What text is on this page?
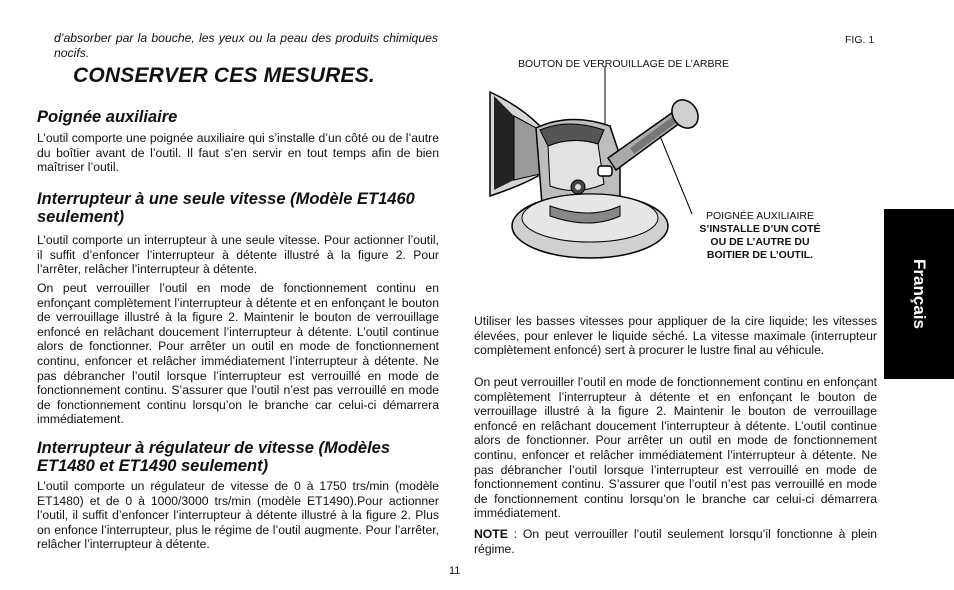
d’absorber par la bouche, les yeux ou la peau des produits chimiques nocifs.

CONSERVER CES MESURES.
Poignée auxiliaire

L’outil comporte une poignée auxiliaire qui s’installe d’un côté ou de l’autre du boîtier avant de l’outil. Il faut s’en servir en tout temps afin de bien maîtriser l’outil.

Interrupteur à une seule vitesse (Modèle ET1460 seulement)

L’outil comporte un interrupteur à une seule vitesse. Pour actionner l’outil, il suffit d’enfoncer l’interrupteur à détente illustré à la figure 2. Pour l’arrêter, relâcher l’interrupteur à détente.

On peut verrouiller l’outil en mode de fonctionnement continu en enfonçant complètement l’interrupteur à détente et en enfonçant le bouton de verrouillage illustré à la figure 2. Maintenir le bouton de verrouillage enfoncé en relâchant doucement l’interrupteur à détente. L’outil continue alors de fonctionner. Pour arrêter un outil en mode de fonctionnement continu, enfoncer et relâcher immédiatement l’interrupteur à détente. Ne pas débrancher l’outil lorsque l’interrupteur est verrouillé en mode de fonctionnement continu. S’assurer que l’outil n’est pas verrouillé en mode de fonctionnement continu lorsqu’on le branche car celui-ci démarrera immédiatement.

Interrupteur à régulateur de vitesse (Modèles ET1480 et ET1490 seulement)

L’outil comporte un régulateur de vitesse de 0 à 1750 trs/min (modèle ET1480) et de 0 à 1000/3000 trs/min (modèle ET1490).Pour actionner l’outil, il suffit d’enfoncer l’interrupteur à détente illustré à la figure 2. Plus on enfonce l’interrupteur, plus le régime de l’outil augmente. Pour l’arrêter, relâcher l’interrupteur à détente.

FIG. 1
BOUTON DE VERROUILLAGE DE L’ARBRE
POIGNÉE AUXILIAIRE
S’INSTALLE D’UN COTÉ
OU DE L’AUTRE DU
BOITIER DE L’OUTIL.

Utiliser les basses vitesses pour appliquer de la cire liquide; les vitesses élevées, pour enlever le liquide séché. La vitesse maximale (interrupteur complètement enfoncé) sert à procurer le lustre final au véhicule.

On peut verrouiller l’outil en mode de fonctionnement continu en enfonçant complètement l’interrupteur à détente et en enfonçant le bouton de verrouillage illustré à la figure 2. Maintenir le bouton de verrouillage enfoncé en relâchant doucement l’interrupteur à détente. L’outil continue alors de fonctionner. Pour arrêter un outil en mode de fonctionnement continu, enfoncer et relâcher immédiatement l’interrupteur à détente. Ne pas débrancher l’outil lorsque l’interrupteur est verrouillé en mode de fonctionnement continu. S’assurer que l’outil n’est pas verrouillé en mode de fonctionnement continu lorsqu’on le branche car celui-ci démarrera immédiatement.

NOTE : On peut verrouiller l’outil seulement lorsqu’il fonctionne à plein régime.

Français
11
